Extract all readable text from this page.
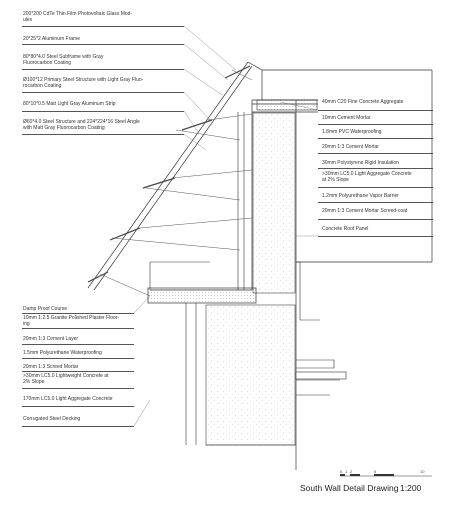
200*200 CdTe Thin Film Photovoltaic Glass Mod-
ules
20*25*2 Aluminum Frame
80*80*4.0 Steel Subframe with Gray
Fluorocarbon Coating
Ø100*12 Primary Steel Structure with Light Gray Fluo-
rocarbon Coating
80*10*0.5 Matt Light Gray Aluminum Strip
Ø60*4.0 Steel Structure and 224*224*16 Steel Angle
with Matt Gray Fluorocarbon Coating
40mm C20 Fine Concrete Aggregate
10mm Cement Mortar
1.8mm PVC Waterproofing
20mm 1:3 Cement Mortar
30mm Polystyrene Rigid Insulation
>30mm LC5.0 Light Aggregate Concrete
at 2% Slope
1.2mm Polyurethane Vapor Barrier
20mm 1:3 Cement Mortar Screed-coat
Concrete Roof Panel
Damp Proof Course
10mm 1:2.5 Granite Polished Plaster Floor-
ing
20mm 1:3 Cement Layer
1.5mm Polyurethane Waterproofing
20mm 1:3 Screed Mortar
>30mm LC5.0 Lightweight Concrete at
2% Slope
170mm LC5.0 Light Aggregate Concrete
Corrugated Steel Decking
0 1 2	5	10
South Wall Detail Drawing 1:200
